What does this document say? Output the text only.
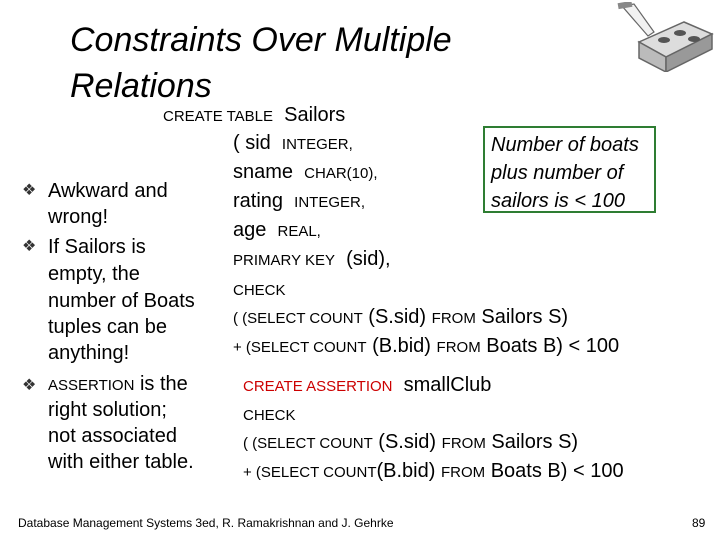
Constraints Over Multiple
Relations
CREATE TABLE Sailors
( sid INTEGER,
sname CHAR(10),
rating INTEGER,
age REAL,
PRIMARY KEY (sid),
CHECK
( (SELECT COUNT (S.sid) FROM Sailors S)
+ (SELECT COUNT (B.bid) FROM Boats B) < 100
Number of boats
plus number of
sailors is < 100
❖ Awkward and
wrong!
❖ If Sailors is
empty, the
number of Boats
tuples can be
anything!
❖ ASSERTION is the
right solution;
not associated
with either table.
CREATE ASSERTION smallClub
CHECK
( (SELECT COUNT (S.sid) FROM Sailors S)
+ (SELECT COUNT(B.bid) FROM Boats B) < 100
Database Management Systems 3ed, R. Ramakrishnan and J. Gehrke	89
